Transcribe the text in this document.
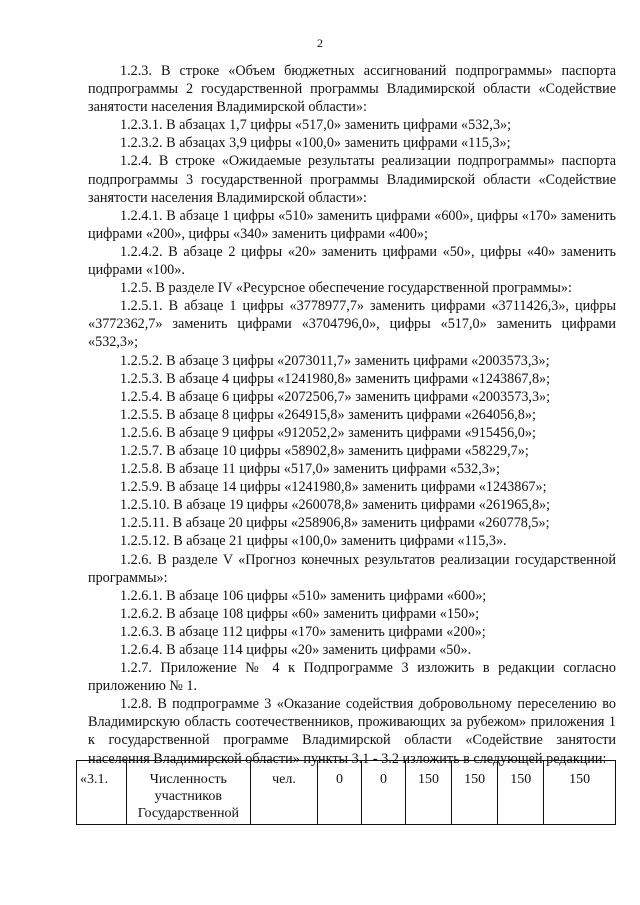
2

1.2.3. В строке «Объем бюджетных ассигнований подпрограммы» паспорта подпрограммы 2 государственной программы Владимирской области «Содействие занятости населения Владимирской области»:

1.2.3.1. В абзацах 1,7 цифры «517,0» заменить цифрами «532,3»;

1.2.3.2. В абзацах 3,9 цифры «100,0» заменить цифрами «115,3»;

1.2.4. В строке «Ожидаемые результаты реализации подпрограммы» паспорта подпрограммы 3 государственной программы Владимирской области «Содействие занятости населения Владимирской области»:

1.2.4.1. В абзаце 1 цифры «510» заменить цифрами «600», цифры «170» заменить цифрами «200», цифры «340» заменить цифрами «400»;

1.2.4.2. В абзаце 2 цифры «20» заменить цифрами «50», цифры «40» заменить цифрами «100».

1.2.5. В разделе IV «Ресурсное обеспечение государственной программы»:

1.2.5.1. В абзаце 1 цифры «3778977,7» заменить цифрами «3711426,3», цифры «3772362,7» заменить цифрами «3704796,0», цифры «517,0» заменить цифрами «532,3»;

1.2.5.2. В абзаце 3 цифры «2073011,7» заменить цифрами «2003573,3»;

1.2.5.3. В абзаце 4 цифры «1241980,8» заменить цифрами «1243867,8»;

1.2.5.4. В абзаце 6 цифры «2072506,7» заменить цифрами «2003573,3»;

1.2.5.5. В абзаце 8 цифры «264915,8» заменить цифрами «264056,8»;

1.2.5.6. В абзаце 9 цифры «912052,2» заменить цифрами «915456,0»;

1.2.5.7. В абзаце 10 цифры «58902,8» заменить цифрами «58229,7»;

1.2.5.8. В абзаце 11 цифры «517,0» заменить цифрами «532,3»;

1.2.5.9. В абзаце 14 цифры «1241980,8» заменить цифрами «1243867»;

1.2.5.10. В абзаце 19 цифры «260078,8» заменить цифрами «261965,8»;

1.2.5.11. В абзаце 20 цифры «258906,8» заменить цифрами «260778,5»;

1.2.5.12. В абзаце 21 цифры «100,0» заменить цифрами «115,3».

1.2.6. В разделе V «Прогноз конечных результатов реализации государственной программы»:

1.2.6.1. В абзаце 106 цифры «510» заменить цифрами «600»;

1.2.6.2. В абзаце 108 цифры «60» заменить цифрами «150»;

1.2.6.3. В абзаце 112 цифры «170» заменить цифрами «200»;

1.2.6.4. В абзаце 114 цифры «20» заменить цифрами «50».

1.2.7. Приложение № 4 к Подпрограмме 3 изложить в редакции согласно приложению № 1.

1.2.8. В подпрограмме 3 «Оказание содействия добровольному переселению во Владимирскую область соотечественников, проживающих за рубежом» приложения 1 к государственной программе Владимирской области «Содействие занятости населения Владимирской области» пункты 3.1 - 3.2 изложить в следующей редакции:

«3.1.	Численность участников Государственной	чел.	0	0	150	150	150	150
